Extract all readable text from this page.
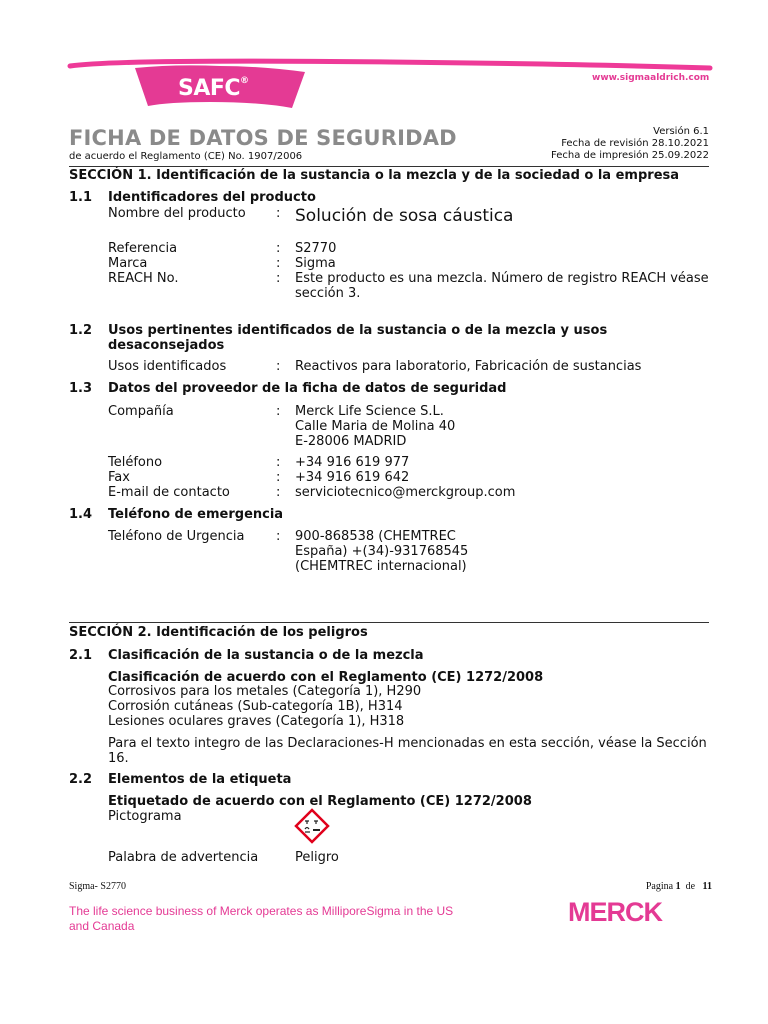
SAFC®	www.sigmaaldrich.com
FICHA DE DATOS DE SEGURIDAD
de acuerdo el Reglamento (CE) No. 1907/2006
Versión 6.1
Fecha de revisión 28.10.2021
Fecha de impresión 25.09.2022
SECCIÓN 1. Identificación de la sustancia o la mezcla y de la sociedad o la empresa
1.1 Identificadores del producto
Nombre del producto : Solución de sosa cáustica
Referencia	: S2770
Marca	: Sigma
REACH No.	: Este producto es una mezcla. Número de registro REACH véase sección 3.
1.2 Usos pertinentes identificados de la sustancia o de la mezcla y usos desaconsejados
Usos identificados	: Reactivos para laboratorio, Fabricación de sustancias
1.3 Datos del proveedor de la ficha de datos de seguridad
Compañía	: Merck Life Science S.L.
Calle Maria de Molina 40
E-28006 MADRID
Teléfono	: +34 916 619 977
Fax	: +34 916 619 642
E-mail de contacto	: serviciotecnico@merckgroup.com
1.4 Teléfono de emergencia
Teléfono de Urgencia : 900-868538 (CHEMTREC España) +(34)-931768545 (CHEMTREC internacional)
SECCIÓN 2. Identificación de los peligros
2.1 Clasificación de la sustancia o de la mezcla
Clasificación de acuerdo con el Reglamento (CE) 1272/2008
Corrosivos para los metales (Categoría 1), H290
Corrosión cutáneas (Sub-categoría 1B), H314
Lesiones oculares graves (Categoría 1), H318
Para el texto integro de las Declaraciones-H mencionadas en esta sección, véase la Sección 16.
2.2 Elementos de la etiqueta
Etiquetado de acuerdo con el Reglamento (CE) 1272/2008
Pictograma
Palabra de advertencia	Peligro
Sigma- S2770	Pagina 1 de 11
The life science business of Merck operates as MilliporeSigma in the US and Canada	MERCK
